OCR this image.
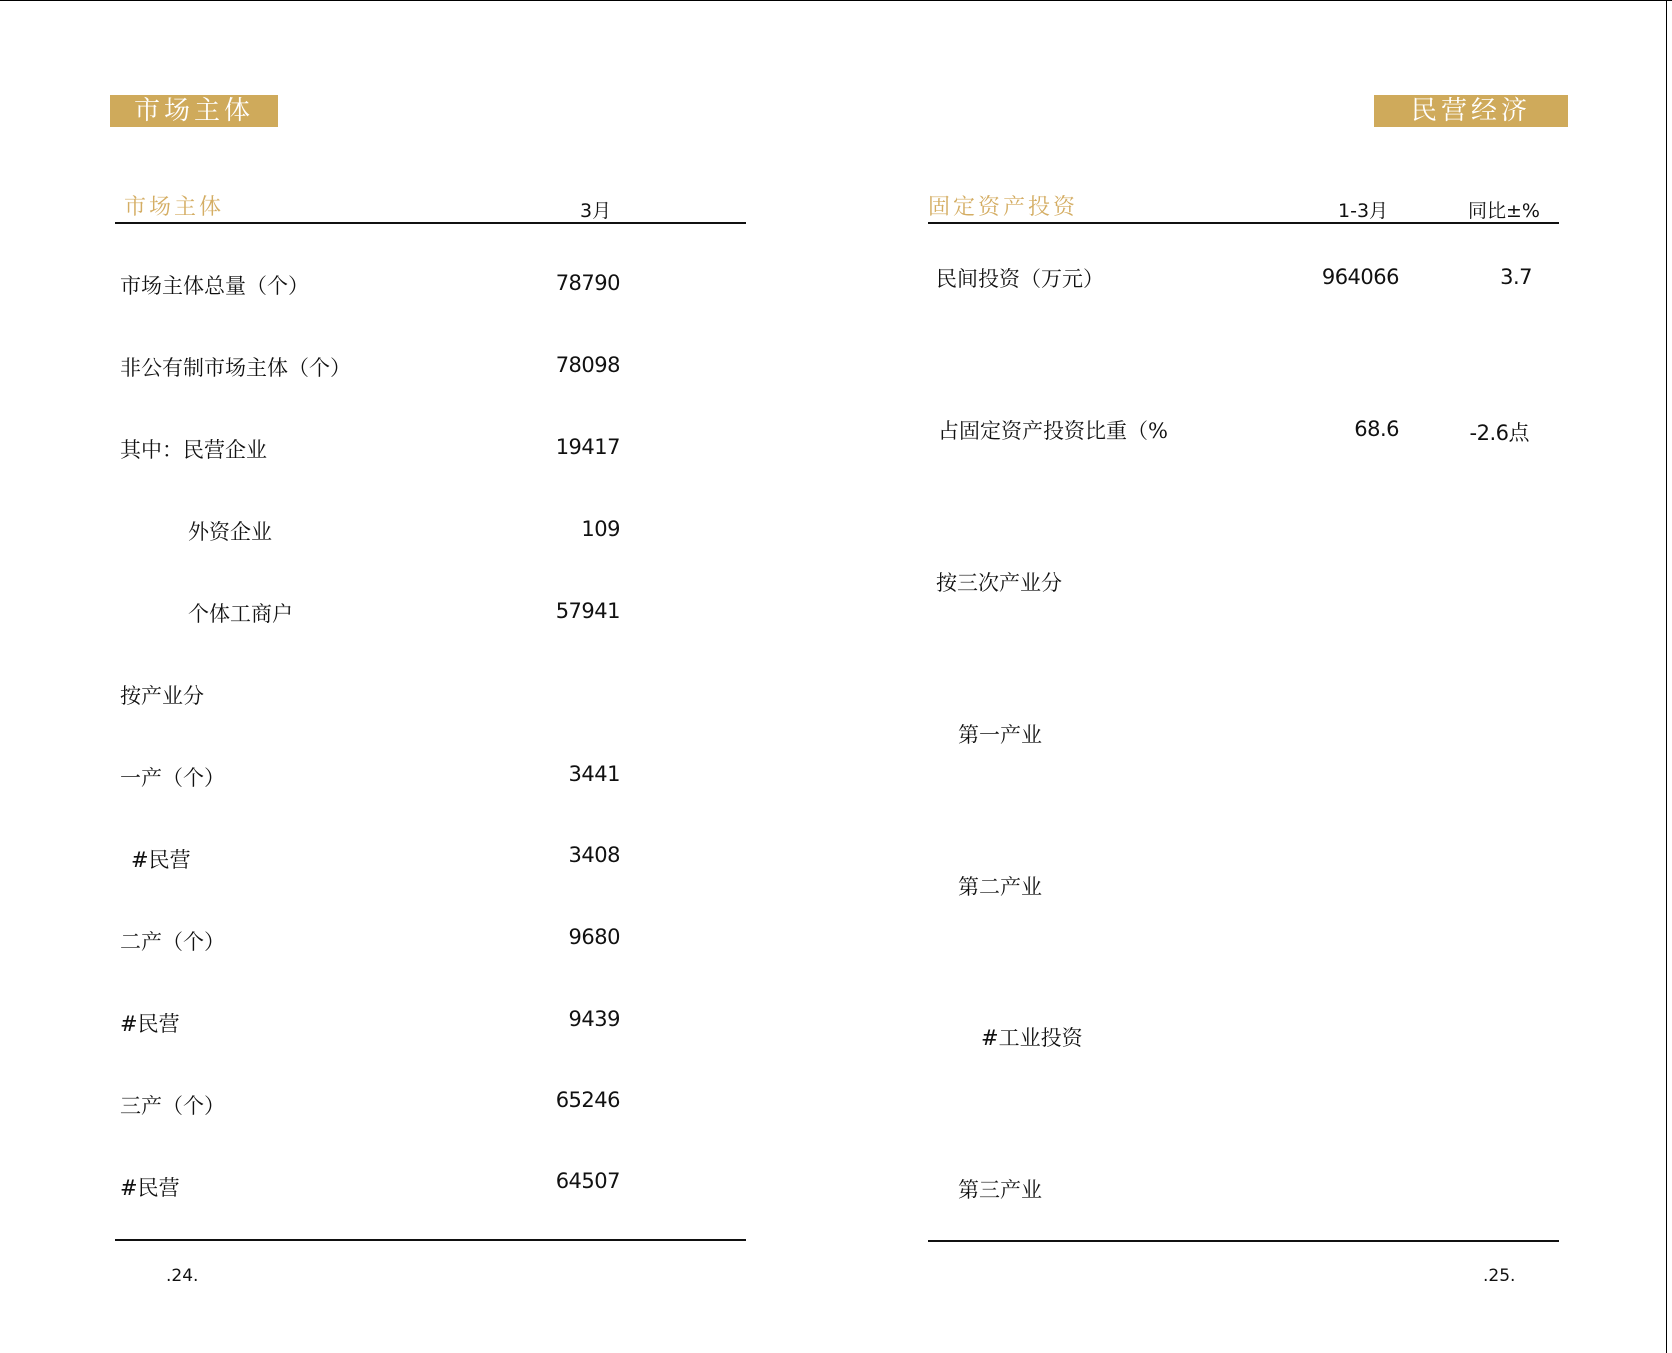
市场主体
市场主体	3月
市场主体总量（个）	78790
非公有制市场主体（个）	78098
其中：民营企业	19417
外资企业	109
个体工商户	57941
按产业分
一产（个）	3441
#民营	3408
二产（个）	9680
#民营	9439
三产（个）	65246
#民营	64507
.24.
民营经济
固定资产投资	1-3月	同比±%
民间投资（万元）	964066	3.7
占固定资产投资比重（%	68.6	-2.6点
按三次产业分
第一产业
第二产业
#工业投资
第三产业
.25.
